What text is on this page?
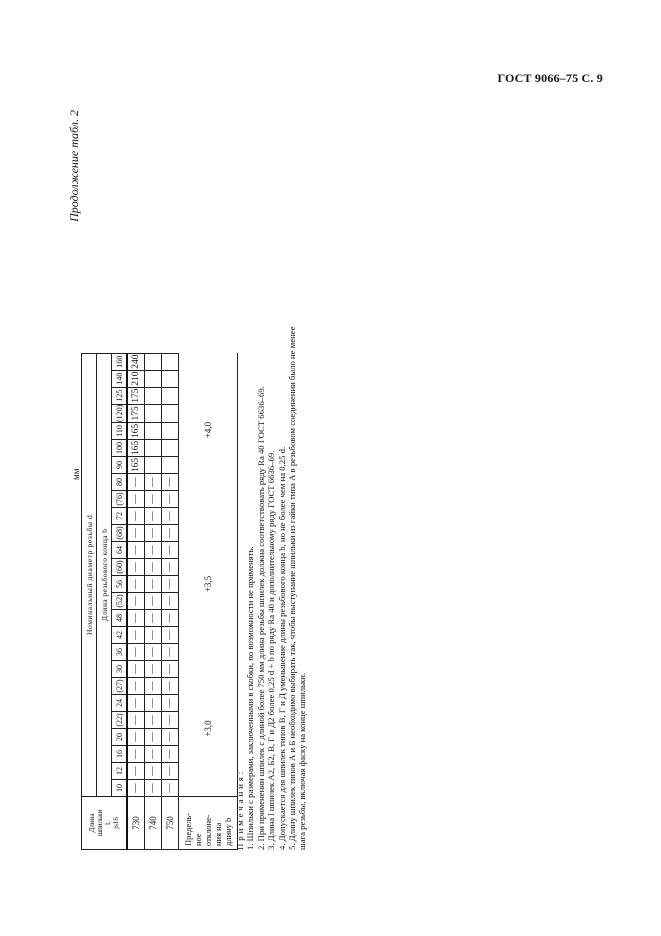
ГОСТ 9066–75 С. 9
Продолжение табл. 2
мм
Длина шпильки l, js16	Номинальный диаметр резьбы d																									
	Длина резьбового конца b																									
	10	12	16	20	(22)	24	(27)	30	36	42	48	(52)	56	(60)	64	(68)	72	(76)	80	90	100	110	(120)	125	140	160
730	—	—	—	—	—	—	—	—	—	—	—	—	—	—	—	—	—	—	—	165	165	165	175	175	210	240
740	—	—	—	—	—	—	—	—	—	—	—	—	—	—	—	—	—	—	—							
750	—	—	—	—	—	—	—	—	—	—	—	—	—	—	—	—	—	—	—							

Предель- ное отклоне- ния на длину b	+3,0								+3,5									+4,0								

Примечания: 1. Шпильки с размерами, заключенными в скобки, по возможности не применять. 2. При применении шпилек с длиной более 750 мм длина резьбы шпилек должна соответствовать ряду Ra 40 ГОСТ 6636–69. 3. Длина l шпилек А2, Б2, В, Г и Д2 более 0,25 d + b по ряду Ra 40 и дополнительному ряду ГОСТ 6636–69. 4. Допускается для шпилек типов В, Г и Д уменьшение длины резьбового конца b, но не более чем на 0,25 d. 5. Длину шпилек типов А и Б необходимо выбирать так, чтобы выступание шпильки из гайки типа А в резьбовом соединении было не менее шага резьбы, включая фаску на конце шпильки.
